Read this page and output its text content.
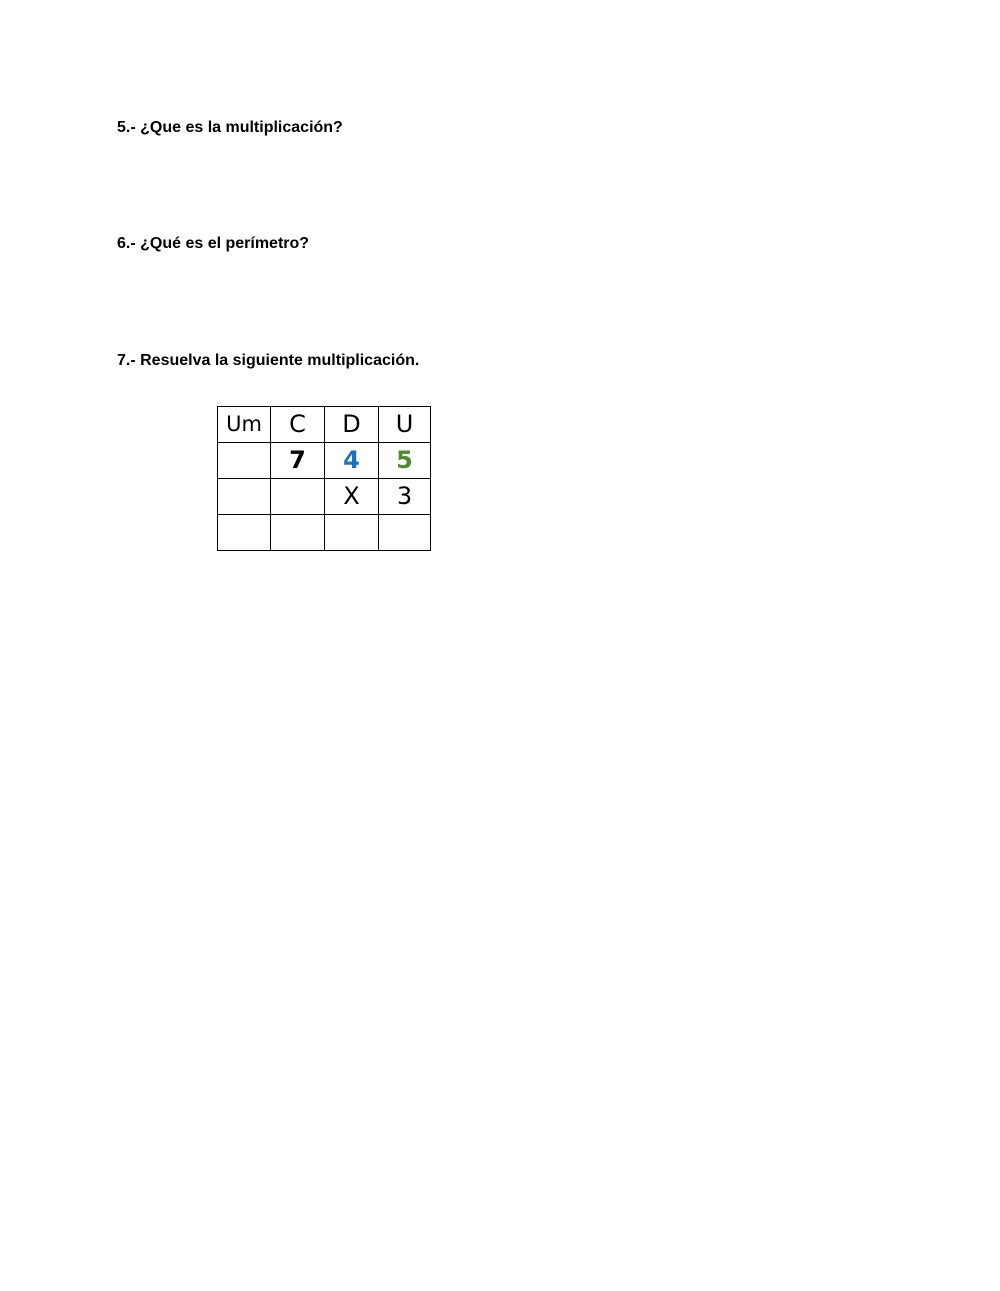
5.- ¿Que es la multiplicación?

6.- ¿Qué es el perímetro?

7.- Resuelva la siguiente multiplicación.

Um	C	D	U
	7	4	5
		X	3
